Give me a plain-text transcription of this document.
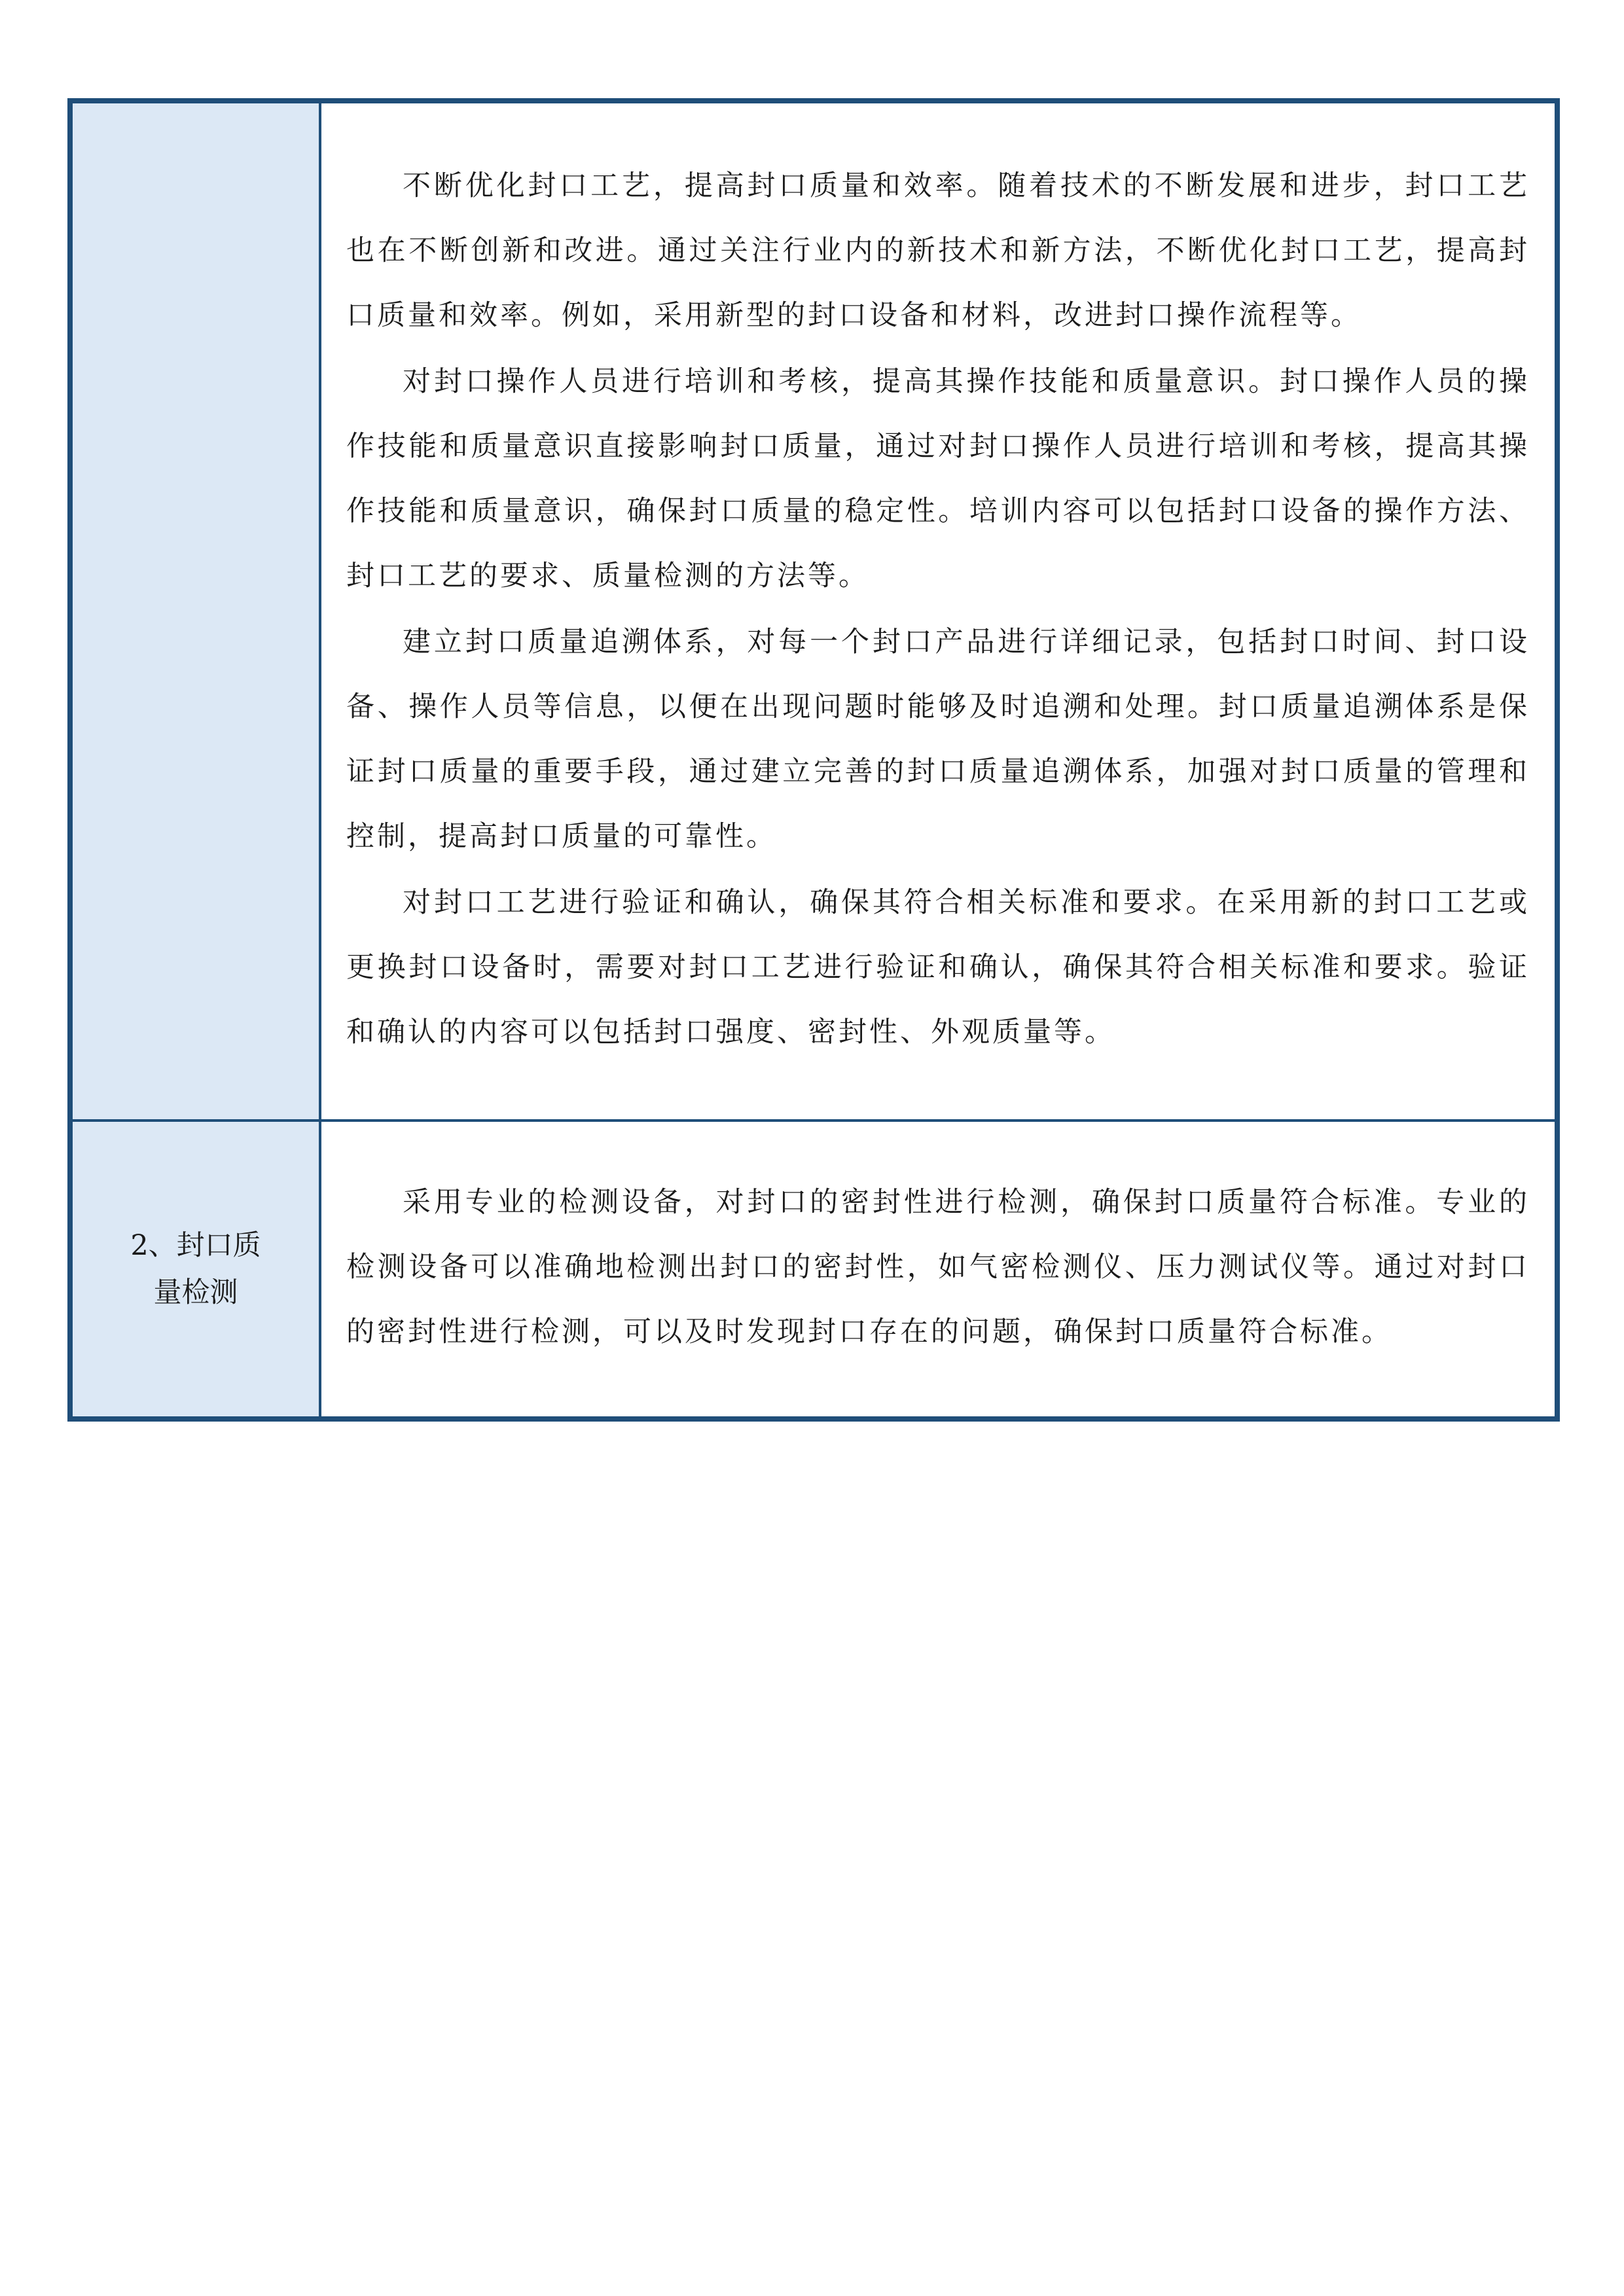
	不断优化封口工艺，提高封口质量和效率。随着技术的不断发展和进步，封口工艺也在不断创新和改进。通过关注行业内的新技术和新方法，不断优化封口工艺，提高封口质量和效率。例如，采用新型的封口设备和材料，改进封口操作流程等。

对封口操作人员进行培训和考核，提高其操作技能和质量意识。封口操作人员的操作技能和质量意识直接影响封口质量，通过对封口操作人员进行培训和考核，提高其操作技能和质量意识，确保封口质量的稳定性。培训内容可以包括封口设备的操作方法、封口工艺的要求、质量检测的方法等。

建立封口质量追溯体系，对每一个封口产品进行详细记录，包括封口时间、封口设备、操作人员等信息，以便在出现问题时能够及时追溯和处理。封口质量追溯体系是保证封口质量的重要手段，通过建立完善的封口质量追溯体系，加强对封口质量的管理和控制，提高封口质量的可靠性。

对封口工艺进行验证和确认，确保其符合相关标准和要求。在采用新的封口工艺或更换封口设备时，需要对封口工艺进行验证和确认，确保其符合相关标准和要求。验证和确认的内容可以包括封口强度、密封性、外观质量等。

2、封口质
量检测	采用专业的检测设备，对封口的密封性进行检测，确保封口质量符合标准。专业的检测设备可以准确地检测出封口的密封性，如气密检测仪、压力测试仪等。通过对封口的密封性进行检测，可以及时发现封口存在的问题，确保封口质量符合标准。
